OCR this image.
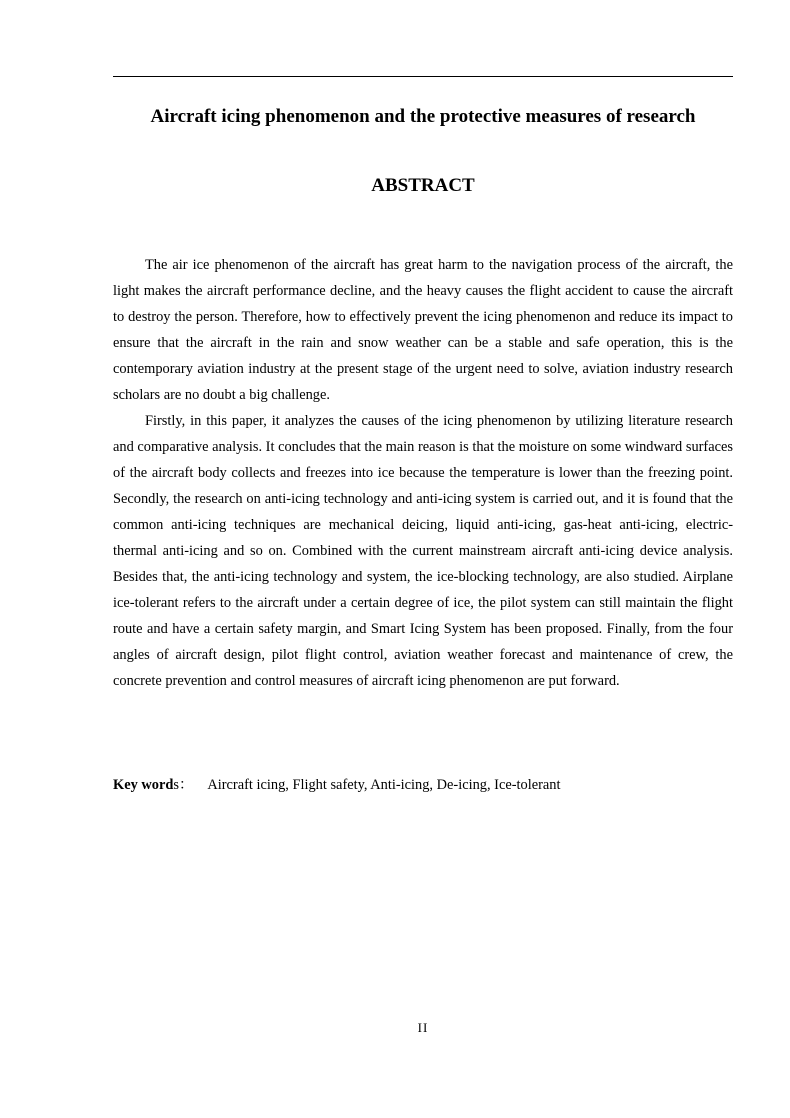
Aircraft icing phenomenon and the protective measures of research
ABSTRACT

The air ice phenomenon of the aircraft has great harm to the navigation process of the aircraft, the light makes the aircraft performance decline, and the heavy causes the flight accident to cause the aircraft to destroy the person. Therefore, how to effectively prevent the icing phenomenon and reduce its impact to ensure that the aircraft in the rain and snow weather can be a stable and safe operation, this is the contemporary aviation industry at the present stage of the urgent need to solve, aviation industry research scholars are no doubt a big challenge.

Firstly, in this paper, it analyzes the causes of the icing phenomenon by utilizing literature research and comparative analysis. It concludes that the main reason is that the moisture on some windward surfaces of the aircraft body collects and freezes into ice because the temperature is lower than the freezing point. Secondly, the research on anti-icing technology and anti-icing system is carried out, and it is found that the common anti-icing techniques are mechanical deicing, liquid anti-icing, gas-heat anti-icing, electric-thermal anti-icing and so on. Combined with the current mainstream aircraft anti-icing device analysis. Besides that, the anti-icing technology and system, the ice-blocking technology, are also studied. Airplane ice-tolerant refers to the aircraft under a certain degree of ice, the pilot system can still maintain the flight route and have a certain safety margin, and Smart Icing System has been proposed. Finally, from the four angles of aircraft design, pilot flight control, aviation weather forecast and maintenance of crew, the concrete prevention and control measures of aircraft icing phenomenon are put forward.

Key words： Aircraft icing, Flight safety, Anti-icing, De-icing, Ice-tolerant
II
